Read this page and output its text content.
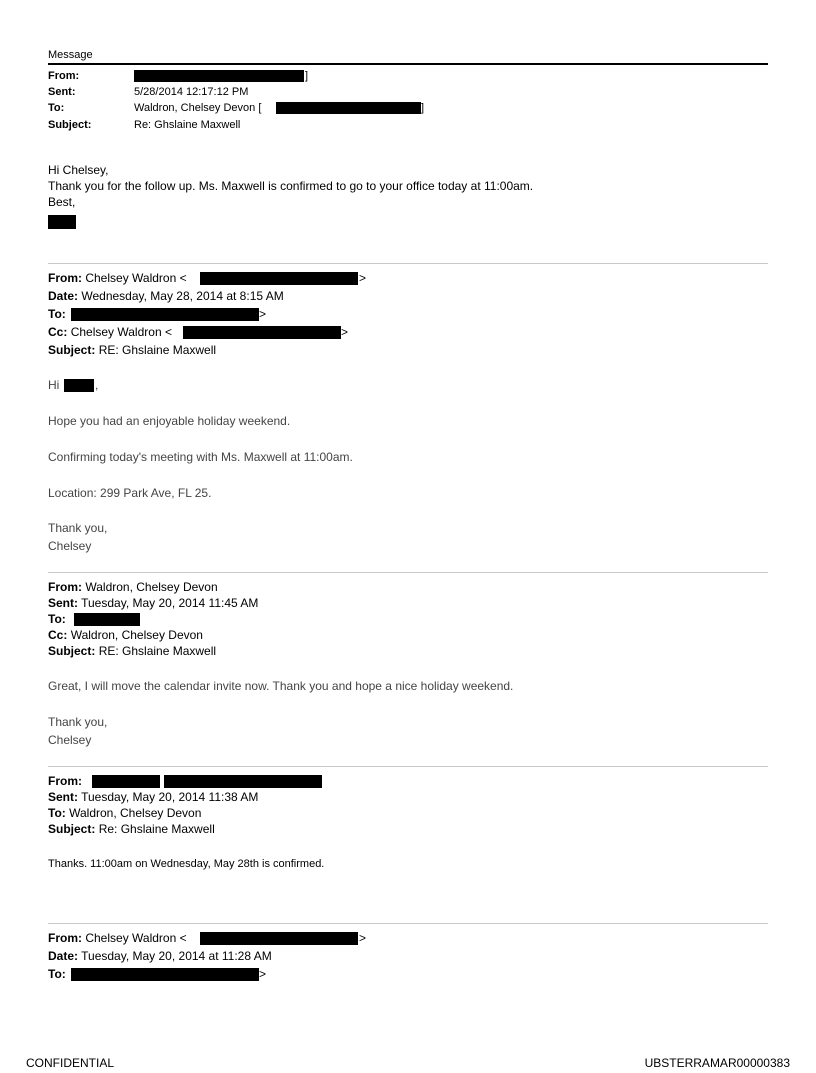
Message
From:	]
Sent:	5/28/2014 12:17:12 PM
To:	Waldron, Chelsey Devon [	]
Subject:	Re: Ghslaine Maxwell
Hi Chelsey,
Thank you for the follow up. Ms. Maxwell is confirmed to go to your office today at 11:00am.
Best,
From: Chelsey Waldron <	>
Date: Wednesday, May 28, 2014 at 8:15 AM
To:	>
Cc: Chelsey Waldron <	>
Subject: RE: Ghslaine Maxwell
Hi	,
Hope you had an enjoyable holiday weekend.
Confirming today's meeting with Ms. Maxwell at 11:00am.
Location: 299 Park Ave, FL 25.
Thank you,
Chelsey
From: Waldron, Chelsey Devon
Sent: Tuesday, May 20, 2014 11:45 AM
To:
Cc: Waldron, Chelsey Devon
Subject: RE: Ghslaine Maxwell
Great, I will move the calendar invite now. Thank you and hope a nice holiday weekend.
Thank you,
Chelsey
From:
Sent: Tuesday, May 20, 2014 11:38 AM
To: Waldron, Chelsey Devon
Subject: Re: Ghslaine Maxwell
Thanks. 11:00am on Wednesday, May 28th is confirmed.
From: Chelsey Waldron <	>
Date: Tuesday, May 20, 2014 at 11:28 AM
To:	>
CONFIDENTIAL	UBSTERRAMAR00000383
